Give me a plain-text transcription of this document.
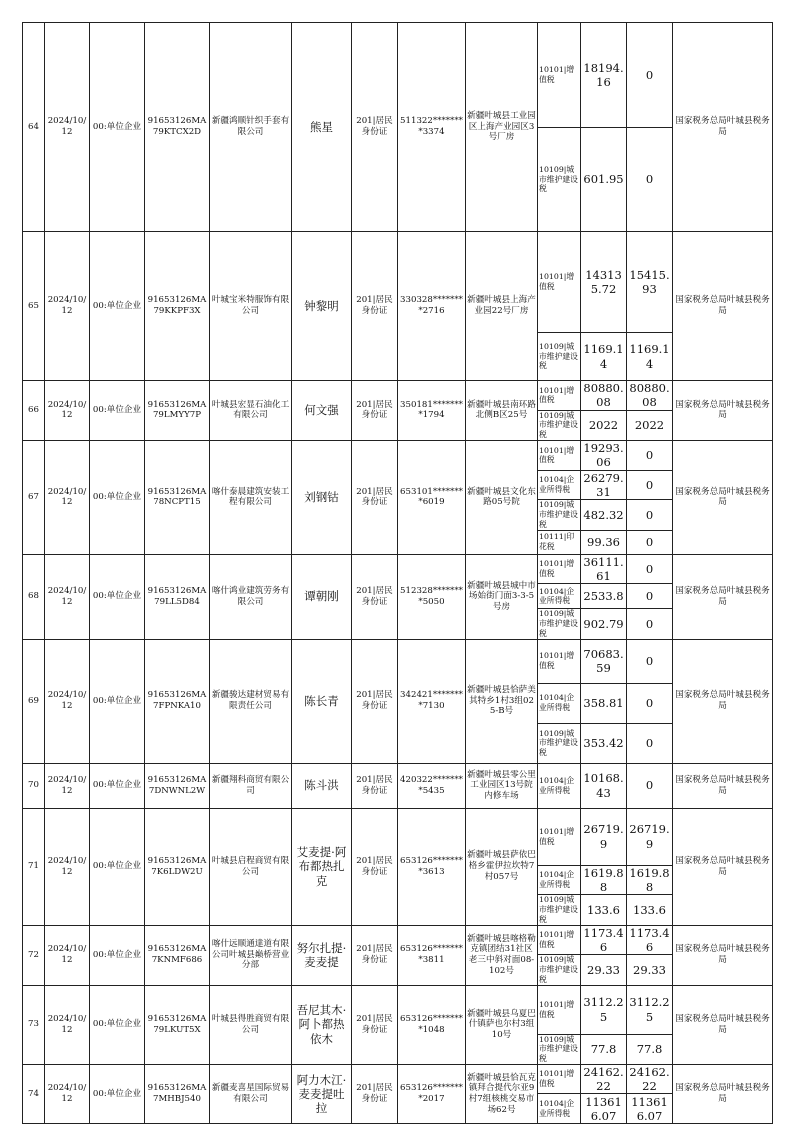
64	2024/10/12	00:单位企业	91653126MA79KTCX2D	新疆鸿顺针织手套有限公司	熊星	201|居民身份证	511322********3374	新疆叶城县工业园区上海产业园区3号厂房	10101|增值税	18194.16	0	国家税务总局叶城县税务局
									10109|城市维护建设税	601.95	0	
65	2024/10/12	00:单位企业	91653126MA79KKPF3X	叶城宝米特服饰有限公司	钟黎明	201|居民身份证	330328********2716	新疆叶城县上海产业园22号厂房	10101|增值税	143135.72	15415.93	国家税务总局叶城县税务局
									10109|城市维护建设税	1169.14	1169.14	
66	2024/10/12	00:单位企业	91653126MA79LMYY7P	叶城县宏显石油化工有限公司	何文强	201|居民身份证	350181********1794	新疆叶城县南环路北侧B区25号	10101|增值税	80880.08	80880.08	国家税务总局叶城县税务局
									10109|城市维护建设税	2022	2022	
67	2024/10/12	00:单位企业	91653126MA78NCPT15	喀什泰晨建筑安装工程有限公司	刘钢钴	201|居民身份证	653101********6019	新疆叶城县文化东路05号院	10101|增值税	19293.06	0	国家税务总局叶城县税务局
									10104|企业所得税	26279.31	0	
									10109|城市维护建设税	482.32	0	
									10111|印花税	99.36	0	
68	2024/10/12	00:单位企业	91653126MA79LL5D84	喀什鸿业建筑劳务有限公司	谭朝刚	201|居民身份证	512328********5050	新疆叶城县城中市场始街门面3-3-5号房	10101|增值税	36111.61	0	国家税务总局叶城县税务局
									10104|企业所得税	2533.8	0	
									10109|城市维护建设税	902.79	0	
69	2024/10/12	00:单位企业	91653126MA7FPNKA10	新疆骏达建材贸易有限责任公司	陈长青	201|居民身份证	342421********7130	新疆叶城县恰萨美其特乡1村3组025-B号	10101|增值税	70683.59	0	国家税务总局叶城县税务局
									10104|企业所得税	358.81	0	
									10109|城市维护建设税	353.42	0	
70	2024/10/12	00:单位企业	91653126MA7DNWNL2W	新疆翔科商贸有限公司	陈斗洪	201|居民身份证	420322********5435	新疆叶城县零公里工业园区13号院内修车场	10104|企业所得税	10168.43	0	国家税务总局叶城县税务局
71	2024/10/12	00:单位企业	91653126MA7K6LDW2U	叶城县启程商贸有限公司	艾麦提·阿布都热扎克	201|居民身份证	653126********3613	新疆叶城县萨依巴格乡霍伊拉坎特7村057号	10101|增值税	26719.9	26719.9	国家税务总局叶城县税务局
									10104|企业所得税	1619.88	1619.88	
									10109|城市维护建设税	133.6	133.6	
72	2024/10/12	00:单位企业	91653126MA7KNMF686	喀什远顺通達道有限公司叶城县巅桥营业分部	努尔扎提·麦麦提	201|居民身份证	653126********3811	新疆叶城县喀格勒克镇团结31社区老三中斜对面08-102号	10101|增值税	1173.46	1173.46	国家税务总局叶城县税务局
									10109|城市维护建设税	29.33	29.33	
73	2024/10/12	00:单位企业	91653126MA79LKUT5X	叶城县得胜商贸有限公司	吾尼其木·阿卜都热依木	201|居民身份证	653126********1048	新疆叶城县乌夏巴什镇萨也尔村3组10号	10101|增值税	3112.25	3112.25	国家税务总局叶城县税务局
									10109|城市维护建设税	77.8	77.8	
74	2024/10/12	00:单位企业	91653126MA7MHBJ540	新疆麦喜星国际贸易有限公司	阿力木江·麦麦提吐拉	201|居民身份证	653126********2017	新疆叶城县恰瓦克镇拜合提代尔亚9村7组核桃交易市场62号	10101|增值税	24162.22	24162.22	国家税务总局叶城县税务局
									10104|企业所得税	113616.07	113616.07	
